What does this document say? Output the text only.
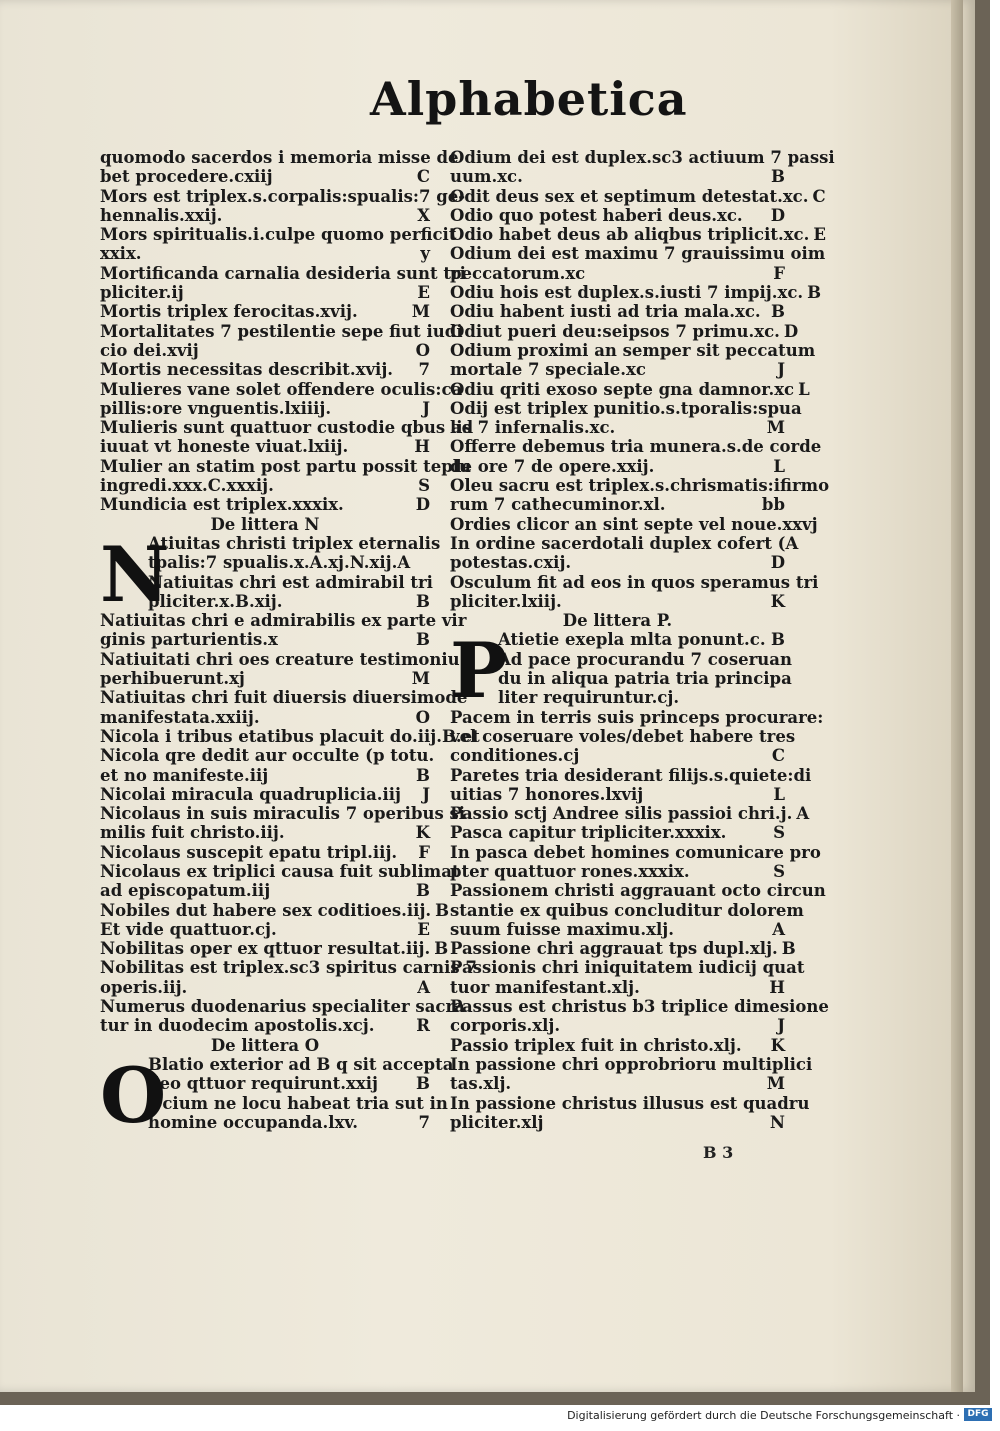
Alphabetica
quomodo sacerdos i memoria misse de
bet procedere.cxiij	C
Mors est triplex.s.corpalis:spualis:7 ge-
hennalis.xxij.	X
Mors spiritualis.i.culpe quomo perficit
xxix.	y
Mortificanda carnalia desideria sunt tri
pliciter.ij	E
Mortis triplex ferocitas.xvij.	M
Mortalitates 7 pestilentie sepe fiut iudi
cio dei.xvij	O
Mortis necessitas describit.xvij. 7
Mulieres vane solet offendere oculis:ca
pillis:ore vnguentis.lxiiij.	J
Mulieris sunt quattuor custodie qbus ad
iuuat vt honeste viuat.lxiij.	H
Mulier an statim post partu possit teplu
ingredi.xxx.C.xxxij.	S
Mundicia est triplex.xxxix.	D
De littera N
N
Atiuitas christi triplex eternalis
tpalis:7 spualis.x.A.xj.N.xij.A
Natiuitas chri est admirabil tri
pliciter.x.B.xij.	B
Natiuitas chri e admirabilis ex parte vir
ginis parturientis.x	B
Natiuitati chri oes creature testimoniu
perhibuerunt.xj	M
Natiuitas chri fuit diuersis diuersimode
manifestata.xxiij.	O
Nicola i tribus etatibus placuit do.iij.B.et
Nicola qre dedit aur occulte (p totu.
et no manifeste.iij	B
Nicolai miracula quadruplicia.iij J
Nicolaus in suis miraculis 7 operibus si
milis fuit christo.iij.	K
Nicolaus suscepit epatu tripl.iij. F
Nicolaus ex triplici causa fuit sublimat
ad episcopatum.iij	B
Nobiles dut habere sex coditioes.iij. B
Et vide quattuor.cj.	E
Nobilitas oper ex qttuor resultat.iij. B
Nobilitas est triplex.sc3 spiritus carnis 7
operis.iij.	A
Numerus duodenarius specialiter sacra
tur in duodecim apostolis.xcj.	R
De littera O
O
Blatio exterior ad B q sit accepta
deo qttuor requirunt.xxij B
Ocium ne locu habeat tria sut in
homine occupanda.lxv.	7
Odium dei est duplex.sc3 actiuum 7 passi
uum.xc.	B
Odit deus sex et septimum detestat.xc. C
Odio quo potest haberi deus.xc. D
Odio habet deus ab aliqbus triplicit.xc. E
Odium dei est maximu 7 grauissimu oim
peccatorum.xc	F
Odiu hois est duplex.s.iusti 7 impij.xc. B
Odiu habent iusti ad tria mala.xc. B
Odiut pueri deu:seipsos 7 primu.xc. D
Odium proximi an semper sit peccatum
mortale 7 speciale.xc	J
Odiu qriti exoso septe gna damnor.xc L
Odij est triplex punitio.s.tporalis:spua
lis 7 infernalis.xc.	M
Offerre debemus tria munera.s.de corde
de ore 7 de opere.xxij.	L
Oleu sacru est triplex.s.chrismatis:ifirmo
rum 7 cathecuminor.xl.	bb
Ordies clicor an sint septe vel noue.xxvj
In ordine sacerdotali duplex cofert (A
potestas.cxij.	D
Osculum fit ad eos in quos speramus tri
pliciter.lxiij.	K
De littera P.
P
Atietie exepla mlta ponunt.c. B
Ad pace procurandu 7 coseruan
du in aliqua patria tria principa
liter requiruntur.cj.
Pacem in terris suis princeps procurare:
vel coseruare voles/debet habere tres
conditiones.cj	C
Paretes tria desiderant filijs.s.quiete:di
uitias 7 honores.lxvij	L
Passio sctj Andree silis passioi chri.j. A
Pasca capitur tripliciter.xxxix.	S
In pasca debet homines comunicare pro
pter quattuor rones.xxxix.	S
Passionem christi aggrauant octo circun
stantie ex quibus concluditur dolorem
suum fuisse maximu.xlj.	A
Passione chri aggrauat tps dupl.xlj. B
Passionis chri iniquitatem iudicij quat
tuor manifestant.xlj.	H
Passus est christus b3 triplice dimesione
corporis.xlj.	J
Passio triplex fuit in christo.xlj. K
In passione chri opprobrioru multiplici
tas.xlj.	M
In passione christus illusus est quadru
pliciter.xlj	N
B 3
Digitalisierung gefördert durch die Deutsche Forschungsgemeinschaft · DFG
